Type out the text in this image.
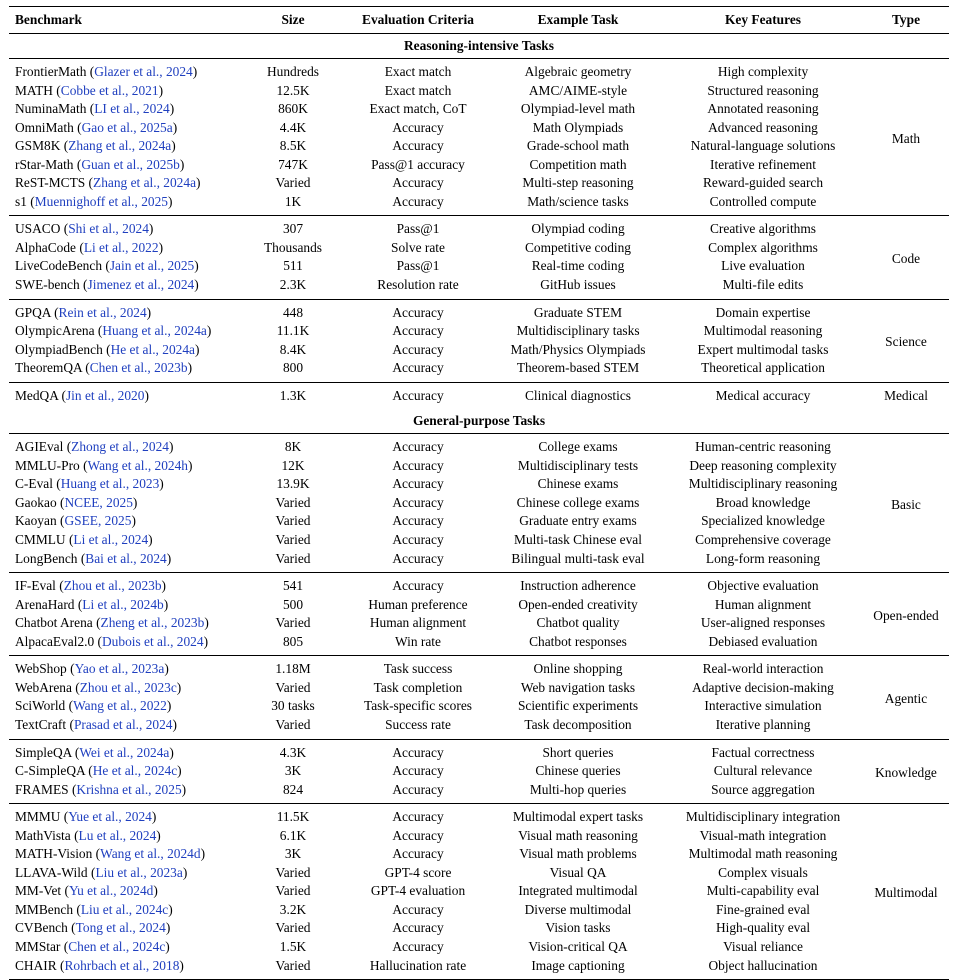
Benchmark	Size	Evaluation Criteria	Example Task	Key Features	Type
Reasoning-intensive Tasks					
FrontierMath (Glazer et al., 2024)	Hundreds	Exact match	Algebraic geometry	High complexity	Math
MATH (Cobbe et al., 2021)	12.5K	Exact match	AMC/AIME-style	Structured reasoning	
NuminaMath (LI et al., 2024)	860K	Exact match, CoT	Olympiad-level math	Annotated reasoning	
OmniMath (Gao et al., 2025a)	4.4K	Accuracy	Math Olympiads	Advanced reasoning	
GSM8K (Zhang et al., 2024a)	8.5K	Accuracy	Grade-school math	Natural-language solutions	
rStar-Math (Guan et al., 2025b)	747K	Pass@1 accuracy	Competition math	Iterative refinement	
ReST-MCTS (Zhang et al., 2024a)	Varied	Accuracy	Multi-step reasoning	Reward-guided search	
s1 (Muennighoff et al., 2025)	1K	Accuracy	Math/science tasks	Controlled compute	
USACO (Shi et al., 2024)	307	Pass@1	Olympiad coding	Creative algorithms	Code
AlphaCode (Li et al., 2022)	Thousands	Solve rate	Competitive coding	Complex algorithms	
LiveCodeBench (Jain et al., 2025)	511	Pass@1	Real-time coding	Live evaluation	
SWE-bench (Jimenez et al., 2024)	2.3K	Resolution rate	GitHub issues	Multi-file edits	
GPQA (Rein et al., 2024)	448	Accuracy	Graduate STEM	Domain expertise	Science
OlympicArena (Huang et al., 2024a)	11.1K	Accuracy	Multidisciplinary tasks	Multimodal reasoning	
OlympiadBench (He et al., 2024a)	8.4K	Accuracy	Math/Physics Olympiads	Expert multimodal tasks	
TheoremQA (Chen et al., 2023b)	800	Accuracy	Theorem-based STEM	Theoretical application	
MedQA (Jin et al., 2020)	1.3K	Accuracy	Clinical diagnostics	Medical accuracy	Medical
General-purpose Tasks					
AGIEval (Zhong et al., 2024)	8K	Accuracy	College exams	Human-centric reasoning	Basic
MMLU-Pro (Wang et al., 2024h)	12K	Accuracy	Multidisciplinary tests	Deep reasoning complexity	
C-Eval (Huang et al., 2023)	13.9K	Accuracy	Chinese exams	Multidisciplinary reasoning	
Gaokao (NCEE, 2025)	Varied	Accuracy	Chinese college exams	Broad knowledge	
Kaoyan (GSEE, 2025)	Varied	Accuracy	Graduate entry exams	Specialized knowledge	
CMMLU (Li et al., 2024)	Varied	Accuracy	Multi-task Chinese eval	Comprehensive coverage	
LongBench (Bai et al., 2024)	Varied	Accuracy	Bilingual multi-task eval	Long-form reasoning	
IF-Eval (Zhou et al., 2023b)	541	Accuracy	Instruction adherence	Objective evaluation	Open-ended
ArenaHard (Li et al., 2024b)	500	Human preference	Open-ended creativity	Human alignment	
Chatbot Arena (Zheng et al., 2023b)	Varied	Human alignment	Chatbot quality	User-aligned responses	
AlpacaEval2.0 (Dubois et al., 2024)	805	Win rate	Chatbot responses	Debiased evaluation	
WebShop (Yao et al., 2023a)	1.18M	Task success	Online shopping	Real-world interaction	Agentic
WebArena (Zhou et al., 2023c)	Varied	Task completion	Web navigation tasks	Adaptive decision-making	
SciWorld (Wang et al., 2022)	30 tasks	Task-specific scores	Scientific experiments	Interactive simulation	
TextCraft (Prasad et al., 2024)	Varied	Success rate	Task decomposition	Iterative planning	
SimpleQA (Wei et al., 2024a)	4.3K	Accuracy	Short queries	Factual correctness	Knowledge
C-SimpleQA (He et al., 2024c)	3K	Accuracy	Chinese queries	Cultural relevance	
FRAMES (Krishna et al., 2025)	824	Accuracy	Multi-hop queries	Source aggregation	
MMMU (Yue et al., 2024)	11.5K	Accuracy	Multimodal expert tasks	Multidisciplinary integration	Multimodal
MathVista (Lu et al., 2024)	6.1K	Accuracy	Visual math reasoning	Visual-math integration	
MATH-Vision (Wang et al., 2024d)	3K	Accuracy	Visual math problems	Multimodal math reasoning	
LLAVA-Wild (Liu et al., 2023a)	Varied	GPT-4 score	Visual QA	Complex visuals	
MM-Vet (Yu et al., 2024d)	Varied	GPT-4 evaluation	Integrated multimodal	Multi-capability eval	
MMBench (Liu et al., 2024c)	3.2K	Accuracy	Diverse multimodal	Fine-grained eval	
CVBench (Tong et al., 2024)	Varied	Accuracy	Vision tasks	High-quality eval	
MMStar (Chen et al., 2024c)	1.5K	Accuracy	Vision-critical QA	Visual reliance	
CHAIR (Rohrbach et al., 2018)	Varied	Hallucination rate	Image captioning	Object hallucination	
